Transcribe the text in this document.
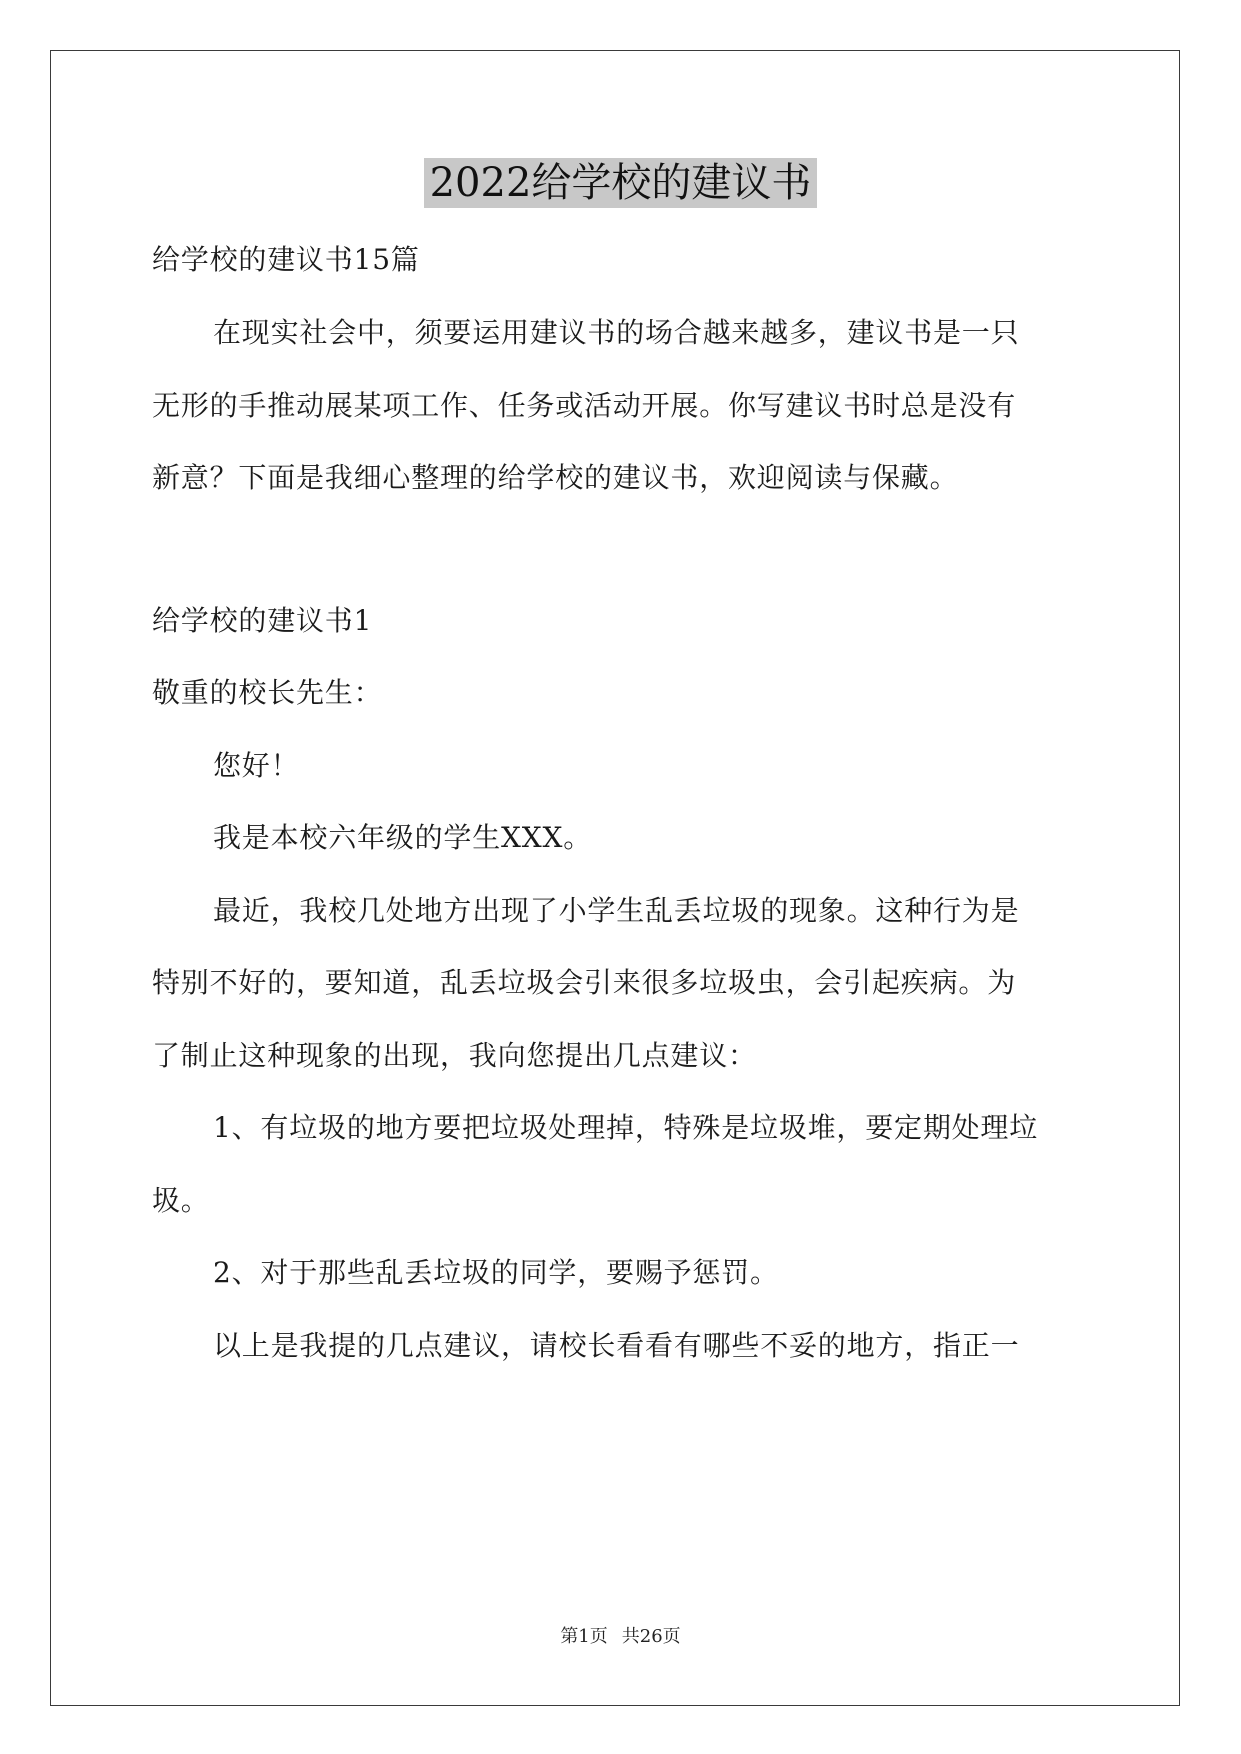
2022给学校的建议书
给学校的建议书15篇
在现实社会中，须要运用建议书的场合越来越多，建议书是一只
无形的手推动展某项工作、任务或活动开展。你写建议书时总是没有
新意？下面是我细心整理的给学校的建议书，欢迎阅读与保藏。
给学校的建议书1
敬重的校长先生：
您好！
我是本校六年级的学生XXX。
最近，我校几处地方出现了小学生乱丢垃圾的现象。这种行为是
特别不好的，要知道，乱丢垃圾会引来很多垃圾虫，会引起疾病。为
了制止这种现象的出现，我向您提出几点建议：
1、有垃圾的地方要把垃圾处理掉，特殊是垃圾堆，要定期处理垃
圾。
2、对于那些乱丢垃圾的同学，要赐予惩罚。
以上是我提的几点建议，请校长看看有哪些不妥的地方，指正一
第1页 共26页
